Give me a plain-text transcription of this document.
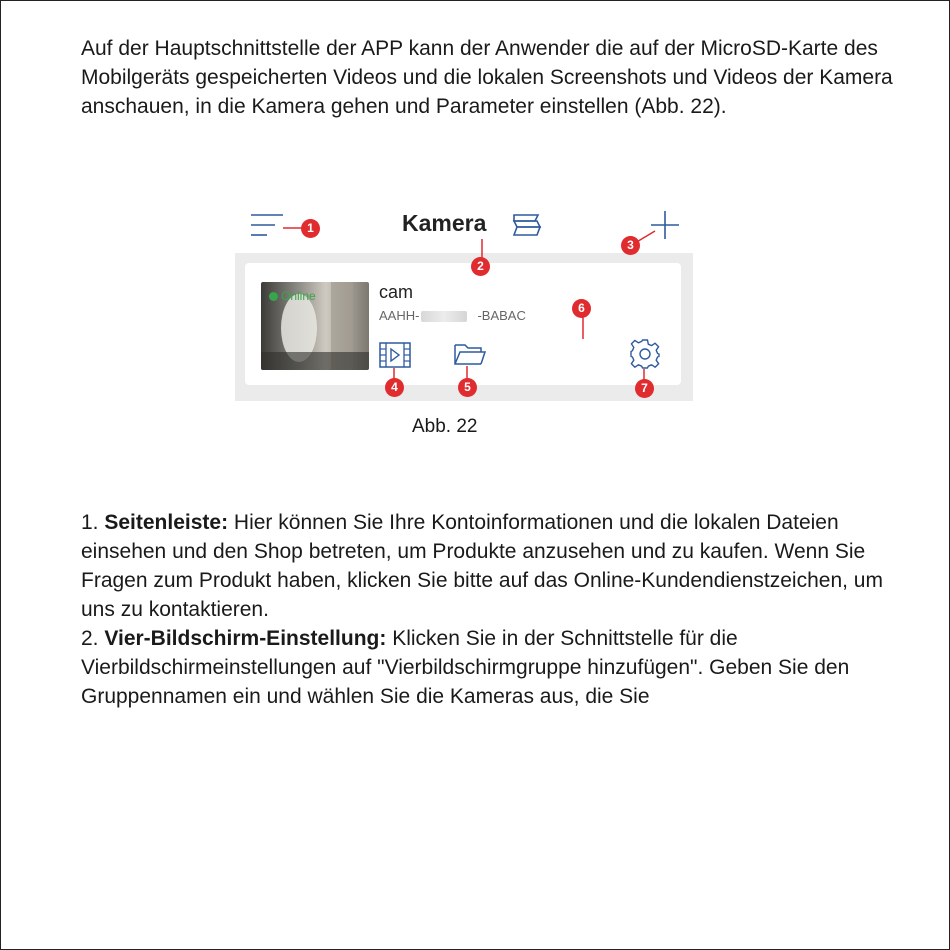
Auf der Hauptschnittstelle der APP kann der Anwender die auf der MicroSD-Karte des Mobilgeräts gespeicherten Videos und die lokalen Screenshots und Videos der Kamera anschauen, in die Kamera gehen und Parameter einstellen (Abb. 22).

1	Kamera
2
3
Online	cam
AAHH-	-BABAC	6
4	5	7

Abb. 22

1. Seitenleiste: Hier können Sie Ihre Kontoinformationen und die lokalen Dateien einsehen und den Shop betreten, um Produkte anzusehen und zu kaufen. Wenn Sie Fragen zum Produkt haben, klicken Sie bitte auf das Online-Kundendienstzeichen, um uns zu kontaktieren.

2. Vier-Bildschirm-Einstellung: Klicken Sie in der Schnittstelle für die Vierbildschirmeinstellungen auf "Vierbildschirmgruppe hinzufügen". Geben Sie den Gruppennamen ein und wählen Sie die Kameras aus, die Sie
